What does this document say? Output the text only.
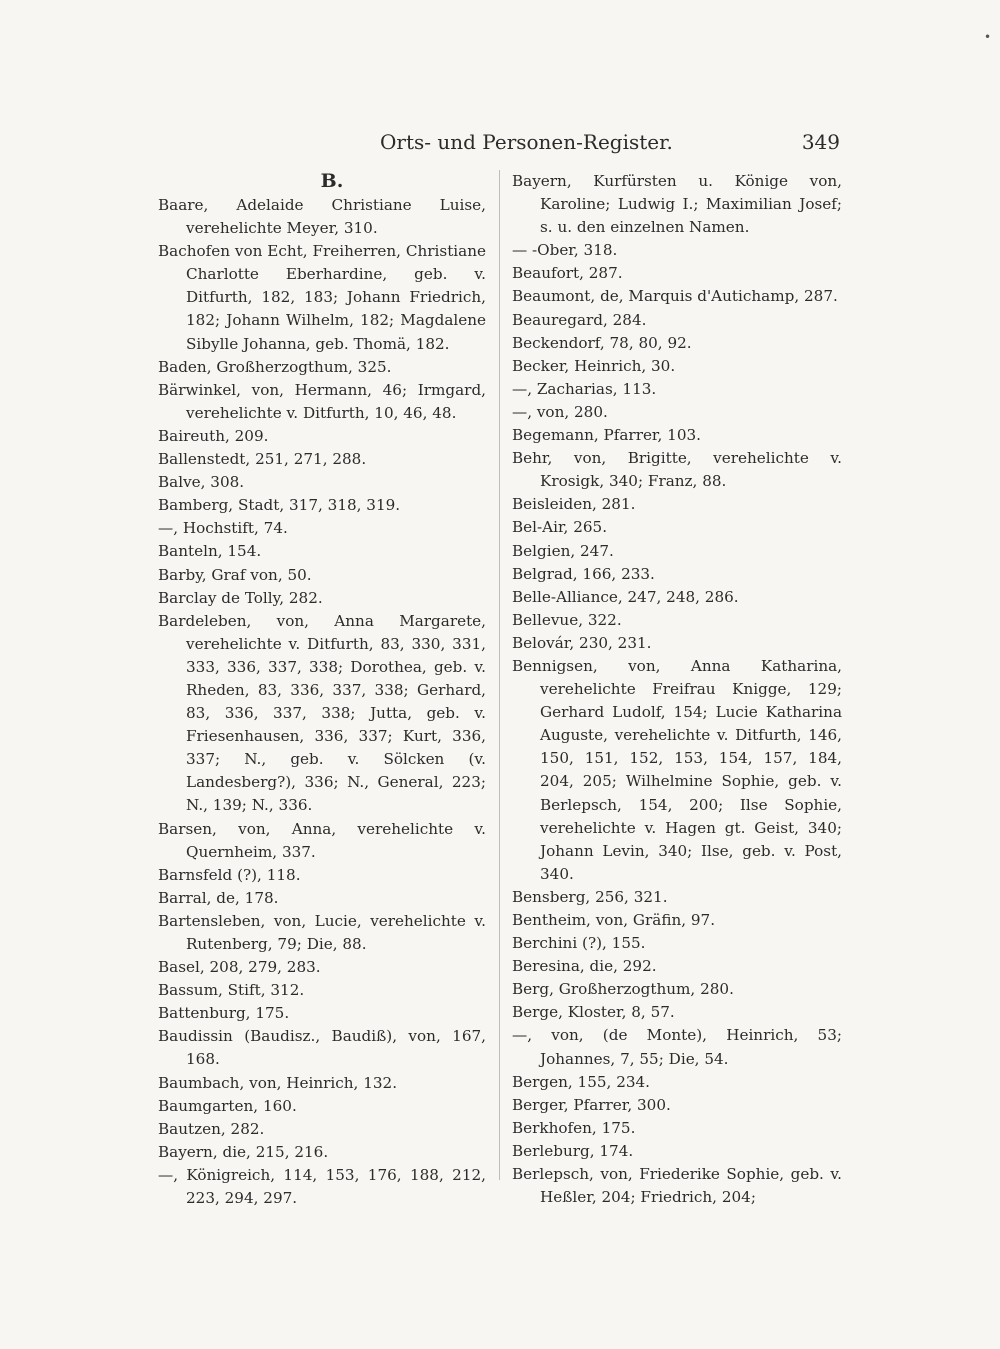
•
Orts- und Personen-Register.	349
B.

Baare, Adelaide Christiane Luise, verehelichte Meyer, 310.

Bachofen von Echt, Freiherren, Christiane Charlotte Eberhardine, geb. v. Ditfurth, 182, 183; Johann Friedrich, 182; Johann Wilhelm, 182; Magdalene Sibylle Johanna, geb. Thomä, 182.

Baden, Großherzogthum, 325.

Bärwinkel, von, Hermann, 46; Irmgard, verehelichte v. Ditfurth, 10, 46, 48.

Baireuth, 209.

Ballenstedt, 251, 271, 288.

Balve, 308.

Bamberg, Stadt, 317, 318, 319.

—, Hochstift, 74.

Banteln, 154.

Barby, Graf von, 50.

Barclay de Tolly, 282.

Bardeleben, von, Anna Margarete, verehelichte v. Ditfurth, 83, 330, 331, 333, 336, 337, 338; Dorothea, geb. v. Rheden, 83, 336, 337, 338; Gerhard, 83, 336, 337, 338; Jutta, geb. v. Friesenhausen, 336, 337; Kurt, 336, 337; N., geb. v. Sölcken (v. Landesberg?), 336; N., General, 223; N., 139; N., 336.

Barsen, von, Anna, verehelichte v. Quernheim, 337.

Barnsfeld (?), 118.

Barral, de, 178.

Bartensleben, von, Lucie, verehelichte v. Rutenberg, 79; Die, 88.

Basel, 208, 279, 283.

Bassum, Stift, 312.

Battenburg, 175.

Baudissin (Baudisz., Baudiß), von, 167, 168.

Baumbach, von, Heinrich, 132.

Baumgarten, 160.

Bautzen, 282.

Bayern, die, 215, 216.

—, Königreich, 114, 153, 176, 188, 212, 223, 294, 297.

Bayern, Kurfürsten u. Könige von, Karoline; Ludwig I.; Maximilian Josef; s. u. den einzelnen Namen.

— -Ober, 318.

Beaufort, 287.

Beaumont, de, Marquis d'Autichamp, 287.

Beauregard, 284.

Beckendorf, 78, 80, 92.

Becker, Heinrich, 30.

—, Zacharias, 113.

—, von, 280.

Begemann, Pfarrer, 103.

Behr, von, Brigitte, verehelichte v. Krosigk, 340; Franz, 88.

Beisleiden, 281.

Bel-Air, 265.

Belgien, 247.

Belgrad, 166, 233.

Belle-Alliance, 247, 248, 286.

Bellevue, 322.

Belovár, 230, 231.

Bennigsen, von, Anna Katharina, verehelichte Freifrau Knigge, 129; Gerhard Ludolf, 154; Lucie Katharina Auguste, verehelichte v. Ditfurth, 146, 150, 151, 152, 153, 154, 157, 184, 204, 205; Wilhelmine Sophie, geb. v. Berlepsch, 154, 200; Ilse Sophie, verehelichte v. Hagen gt. Geist, 340; Johann Levin, 340; Ilse, geb. v. Post, 340.

Bensberg, 256, 321.

Bentheim, von, Gräfin, 97.

Berchini (?), 155.

Beresina, die, 292.

Berg, Großherzogthum, 280.

Berge, Kloster, 8, 57.

—, von, (de Monte), Heinrich, 53; Johannes, 7, 55; Die, 54.

Bergen, 155, 234.

Berger, Pfarrer, 300.

Berkhofen, 175.

Berleburg, 174.

Berlepsch, von, Friederike Sophie, geb. v. Heßler, 204; Friedrich, 204;
